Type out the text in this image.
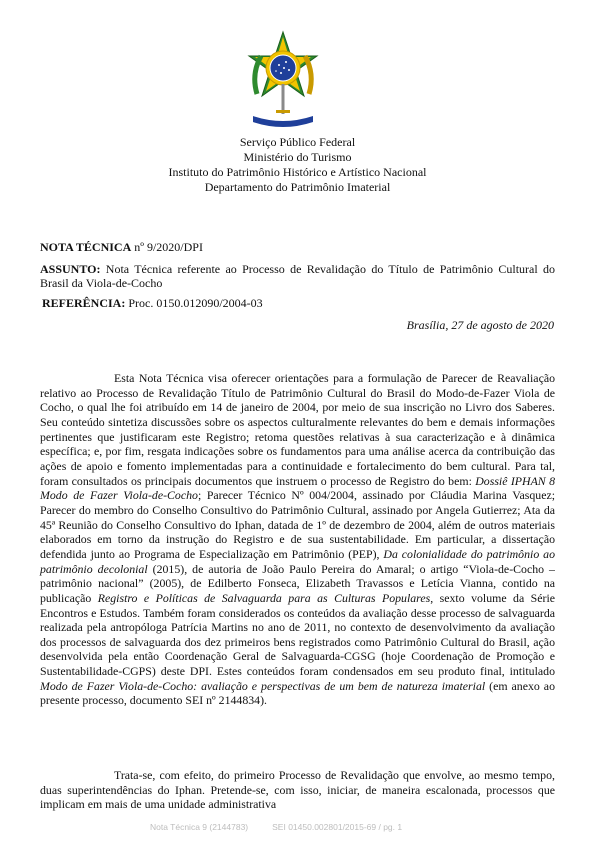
Serviço Público Federal
Ministério do Turismo
Instituto do Patrimônio Histórico e Artístico Nacional
Departamento do Patrimônio Imaterial
NOTA TÉCNICA nº 9/2020/DPI
ASSUNTO: Nota Técnica referente ao Processo de Revalidação do Título de Patrimônio Cultural do Brasil da Viola-de-Cocho
REFERÊNCIA: Proc. 0150.012090/2004-03
Brasília, 27 de agosto de 2020

Esta Nota Técnica visa oferecer orientações para a formulação de Parecer de Reavaliação relativo ao Processo de Revalidação Título de Patrimônio Cultural do Brasil do Modo-de-Fazer Viola de Cocho, o qual lhe foi atribuído em 14 de janeiro de 2004, por meio de sua inscrição no Livro dos Saberes. Seu conteúdo sintetiza discussões sobre os aspectos culturalmente relevantes do bem e demais informações pertinentes que justificaram este Registro; retoma questões relativas à sua caracterização e à dinâmica específica; e, por fim, resgata indicações sobre os fundamentos para uma análise acerca da contribuição das ações de apoio e fomento implementadas para a continuidade e fortalecimento do bem cultural. Para tal, foram consultados os principais documentos que instruem o processo de Registro do bem: Dossiê IPHAN 8 Modo de Fazer Viola-de-Cocho; Parecer Técnico Nº 004/2004, assinado por Cláudia Marina Vasquez; Parecer do membro do Conselho Consultivo do Patrimônio Cultural, assinado por Angela Gutierrez; Ata da 45ª Reunião do Conselho Consultivo do Iphan, datada de 1º de dezembro de 2004, além de outros materiais elaborados em torno da instrução do Registro e de sua sustentabilidade. Em particular, a dissertação defendida junto ao Programa de Especialização em Patrimônio (PEP), Da colonialidade do patrimônio ao patrimônio decolonial (2015), de autoria de João Paulo Pereira do Amaral; o artigo “Viola-de-Cocho – patrimônio nacional” (2005), de Edilberto Fonseca, Elizabeth Travassos e Letícia Vianna, contido na publicação Registro e Políticas de Salvaguarda para as Culturas Populares, sexto volume da Série Encontros e Estudos. Também foram considerados os conteúdos da avaliação desse processo de salvaguarda realizada pela antropóloga Patrícia Martins no ano de 2011, no contexto de desenvolvimento da avaliação dos processos de salvaguarda dos dez primeiros bens registrados como Patrimônio Cultural do Brasil, ação desenvolvida pela então Coordenação Geral de Salvaguarda-CGSG (hoje Coordenação de Promoção e Sustentabilidade-CGPS) deste DPI. Estes conteúdos foram condensados em seu produto final, intitulado Modo de Fazer Viola-de-Cocho: avaliação e perspectivas de um bem de natureza imaterial (em anexo ao presente processo, documento SEI nº 2144834).

Trata-se, com efeito, do primeiro Processo de Revalidação que envolve, ao mesmo tempo, duas superintendências do Iphan. Pretende-se, com isso, iniciar, de maneira escalonada, processos que implicam em mais de uma unidade administrativa

Nota Técnica 9 (2144783)	SEI 01450.002801/2015-69 / pg. 1
